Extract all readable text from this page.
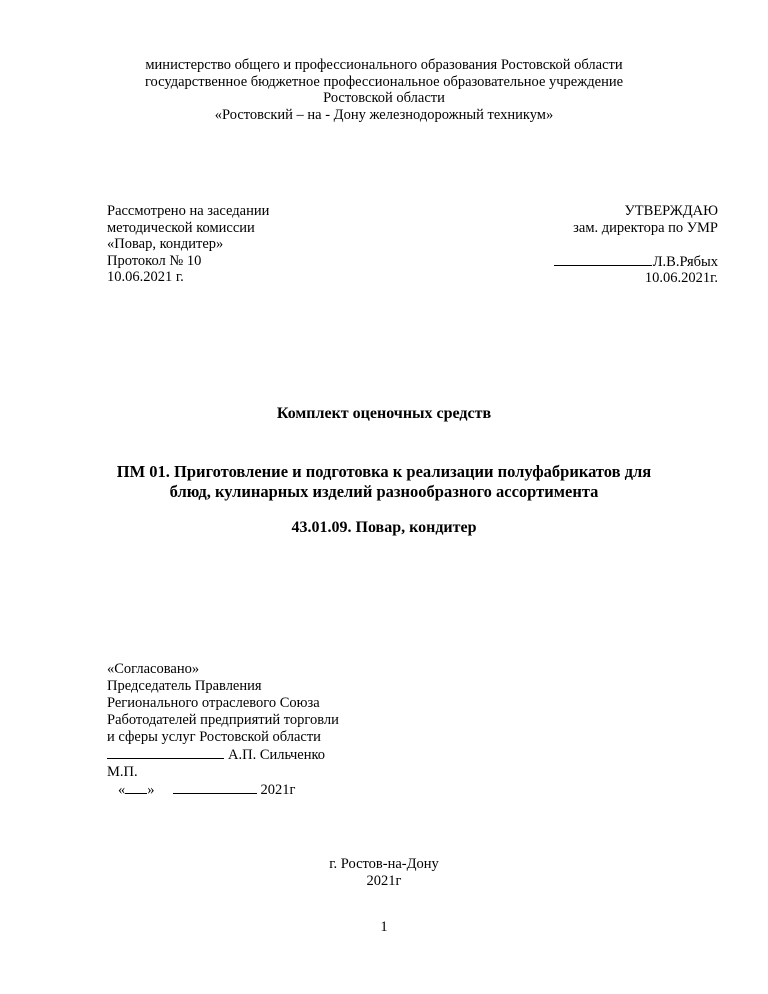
министерство общего и профессионального образования Ростовской области
государственное бюджетное профессиональное образовательное учреждение
Ростовской области
«Ростовский – на - Дону железнодорожный техникум»
Рассмотрено на заседании
методической комиссии
«Повар, кондитер»
Протокол № 10
10.06.2021 г.
УТВЕРЖДАЮ
зам. директора по УМР
Л.В.Рябых
10.06.2021г.
Комплект оценочных средств
ПМ 01. Приготовление и подготовка к реализации полуфабрикатов для
блюд, кулинарных изделий разнообразного ассортимента
43.01.09. Повар, кондитер
«Согласовано»
Председатель Правления
Регионального отраслевого Союза
Работодателей предприятий торговли
и сферы услуг Ростовской области
А.П. Сильченко
М.П.
« »	2021г
г. Ростов-на-Дону
2021г
1
